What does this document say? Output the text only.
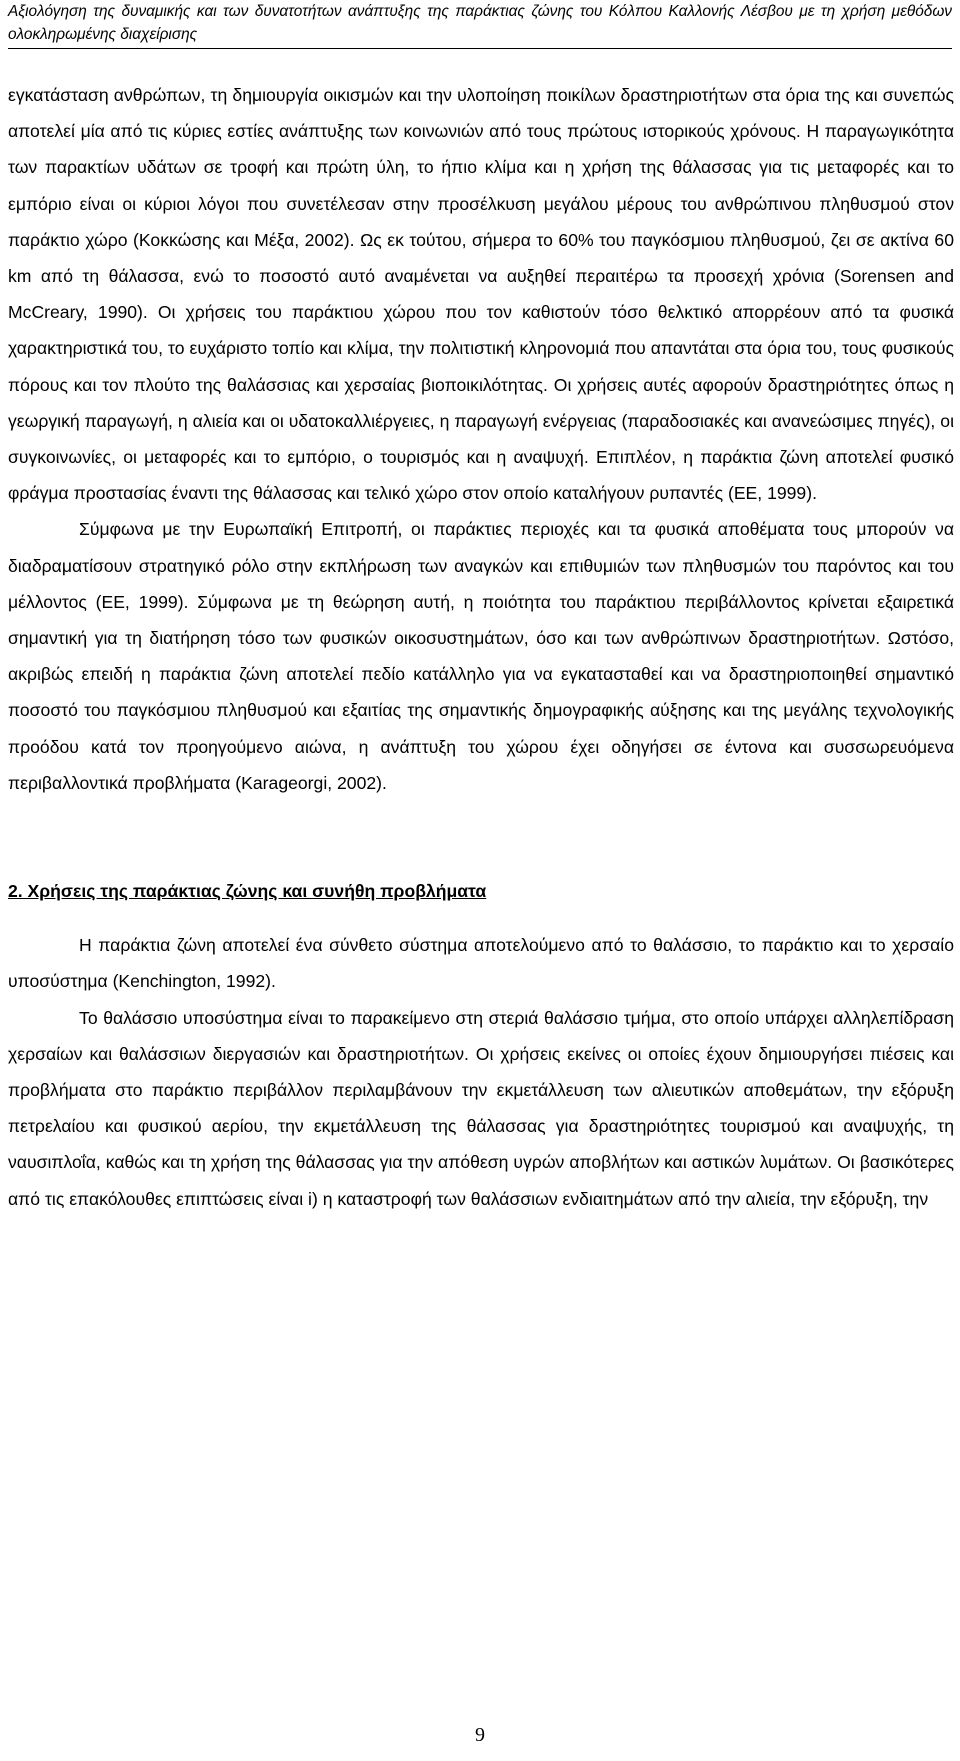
Αξιολόγηση της δυναμικής και των δυνατοτήτων ανάπτυξης της παράκτιας ζώνης του Κόλπου Καλλονής Λέσβου με τη χρήση μεθόδων ολοκληρωμένης διαχείρισης

εγκατάσταση ανθρώπων, τη δημιουργία οικισμών και την υλοποίηση ποικίλων δραστηριοτήτων στα όρια της και συνεπώς αποτελεί μία από τις κύριες εστίες ανάπτυξης των κοινωνιών από τους πρώτους ιστορικούς χρόνους. Η παραγωγικότητα των παρακτίων υδάτων σε τροφή και πρώτη ύλη, το ήπιο κλίμα και η χρήση της θάλασσας για τις μεταφορές και το εμπόριο είναι οι κύριοι λόγοι που συνετέλεσαν στην προσέλκυση μεγάλου μέρους του ανθρώπινου πληθυσμού στον παράκτιο χώρο (Κοκκώσης και Μέξα, 2002). Ως εκ τούτου, σήμερα το 60% του παγκόσμιου πληθυσμού, ζει σε ακτίνα 60 km από τη θάλασσα, ενώ το ποσοστό αυτό αναμένεται να αυξηθεί περαιτέρω τα προσεχή χρόνια (Sorensen and McCreary, 1990). Οι χρήσεις του παράκτιου χώρου που τον καθιστούν τόσο θελκτικό απορρέουν από τα φυσικά χαρακτηριστικά του, το ευχάριστο τοπίο και κλίμα, την πολιτιστική κληρονομιά που απαντάται στα όρια του, τους φυσικούς πόρους και τον πλούτο της θαλάσσιας και χερσαίας βιοποικιλότητας. Οι χρήσεις αυτές αφορούν δραστηριότητες όπως η γεωργική παραγωγή, η αλιεία και οι υδατοκαλλιέργειες, η παραγωγή ενέργειας (παραδοσιακές και ανανεώσιμες πηγές), οι συγκοινωνίες, οι μεταφορές και το εμπόριο, ο τουρισμός και η αναψυχή. Επιπλέον, η παράκτια ζώνη αποτελεί φυσικό φράγμα προστασίας έναντι της θάλασσας και τελικό χώρο στον οποίο καταλήγουν ρυπαντές (ΕΕ, 1999).

Σύμφωνα με την Ευρωπαϊκή Επιτροπή, οι παράκτιες περιοχές και τα φυσικά αποθέματα τους μπορούν να διαδραματίσουν στρατηγικό ρόλο στην εκπλήρωση των αναγκών και επιθυμιών των πληθυσμών του παρόντος και του μέλλοντος (ΕΕ, 1999). Σύμφωνα με τη θεώρηση αυτή, η ποιότητα του παράκτιου περιβάλλοντος κρίνεται εξαιρετικά σημαντική για τη διατήρηση τόσο των φυσικών οικοσυστημάτων, όσο και των ανθρώπινων δραστηριοτήτων. Ωστόσο, ακριβώς επειδή η παράκτια ζώνη αποτελεί πεδίο κατάλληλο για να εγκατασταθεί και να δραστηριοποιηθεί σημαντικό ποσοστό του παγκόσμιου πληθυσμού και εξαιτίας της σημαντικής δημογραφικής αύξησης και της μεγάλης τεχνολογικής προόδου κατά τον προηγούμενο αιώνα, η ανάπτυξη του χώρου έχει οδηγήσει σε έντονα και συσσωρευόμενα περιβαλλοντικά προβλήματα (Karageorgi, 2002).

2. Χρήσεις της παράκτιας ζώνης και συνήθη προβλήματα

Η παράκτια ζώνη αποτελεί ένα σύνθετο σύστημα αποτελούμενο από το θαλάσσιο, το παράκτιο και το χερσαίο υποσύστημα (Kenchington, 1992).

Το θαλάσσιο υποσύστημα είναι το παρακείμενο στη στεριά θαλάσσιο τμήμα, στο οποίο υπάρχει αλληλεπίδραση χερσαίων και θαλάσσιων διεργασιών και δραστηριοτήτων. Οι χρήσεις εκείνες οι οποίες έχουν δημιουργήσει πιέσεις και προβλήματα στο παράκτιο περιβάλλον περιλαμβάνουν την εκμετάλλευση των αλιευτικών αποθεμάτων, την εξόρυξη πετρελαίου και φυσικού αερίου, την εκμετάλλευση της θάλασσας για δραστηριότητες τουρισμού και αναψυχής, τη ναυσιπλοΐα, καθώς και τη χρήση της θάλασσας για την απόθεση υγρών αποβλήτων και αστικών λυμάτων. Οι βασικότερες από τις επακόλουθες επιπτώσεις είναι i) η καταστροφή των θαλάσσιων ενδιαιτημάτων από την αλιεία, την εξόρυξη, την

9
